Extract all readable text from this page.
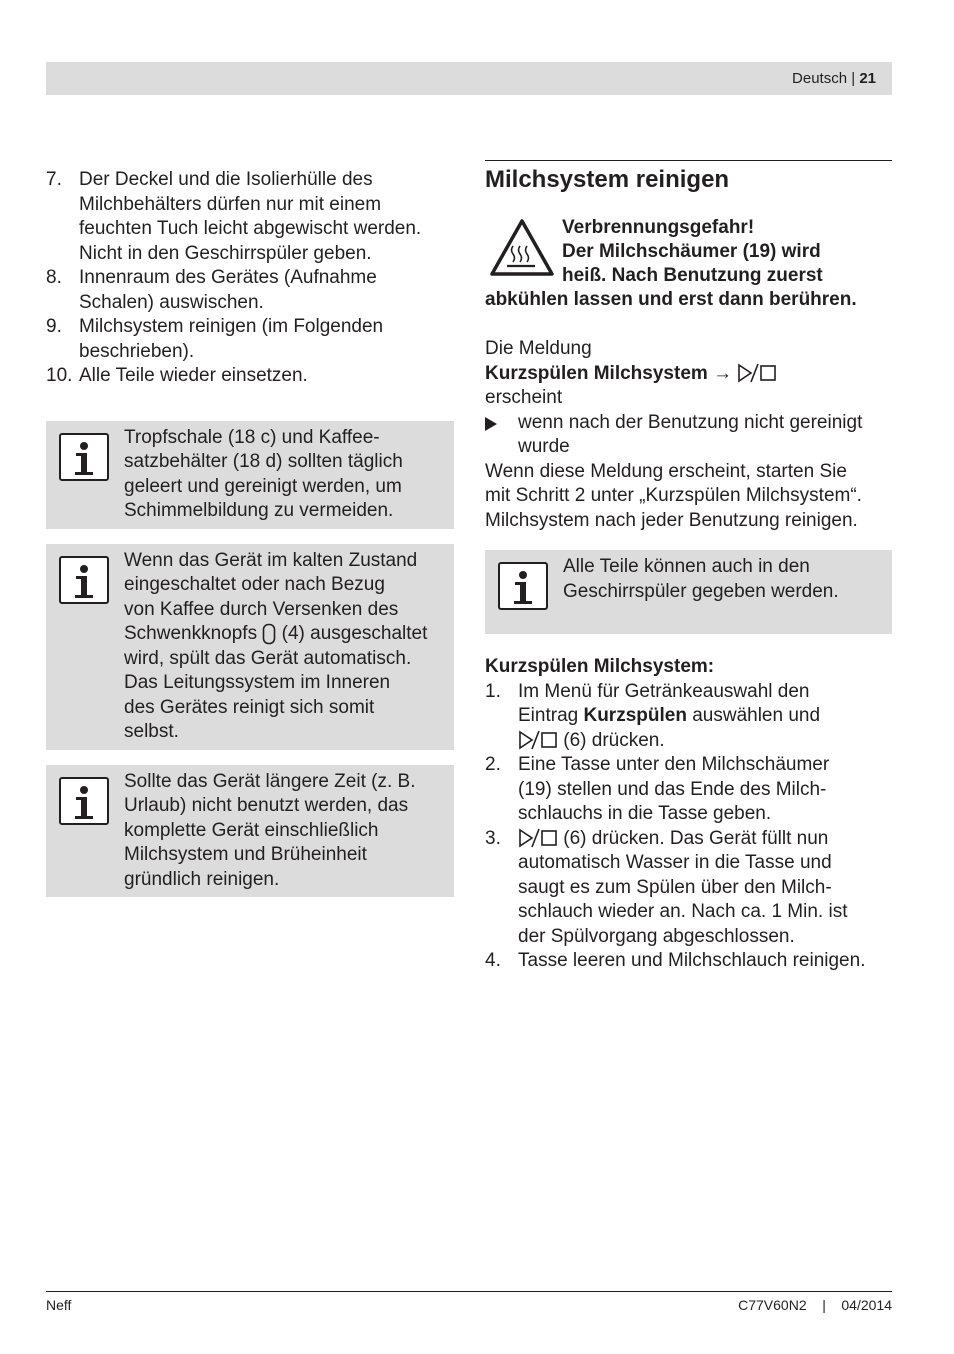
Deutsch | 21
7. Der Deckel und die Isolierhülle des
Milchbehälters dürfen nur mit einem
feuchten Tuch leicht abgewischt werden.
Nicht in den Geschirrspüler geben.
8. Innenraum des Gerätes (Aufnahme
Schalen) auswischen.
9. Milchsystem reinigen (im Folgenden
beschrieben).
10. Alle Teile wieder einsetzen.
Tropfschale (18 c) und Kaffee-
satzbehälter (18 d) sollten täglich
geleert und gereinigt werden, um
Schimmelbildung zu vermeiden.
Wenn das Gerät im kalten Zustand
eingeschaltet oder nach Bezug
von Kaffee durch Versenken des
Schwenkknopfs (4) ausgeschaltet
wird, spült das Gerät automatisch.
Das Leitungssystem im Inneren
des Gerätes reinigt sich somit
selbst.
Sollte das Gerät längere Zeit (z. B.
Urlaub) nicht benutzt werden, das
komplette Gerät einschließlich
Milchsystem und Brüheinheit
gründlich reinigen.
Milchsystem reinigen
Verbrennungsgefahr!
Der Milchschäumer (19) wird
heiß. Nach Benutzung zuerst
abkühlen lassen und erst dann berühren.
Die Meldung
Kurzspülen Milchsystem →
erscheint
wenn nach der Benutzung nicht gereinigt
wurde
Wenn diese Meldung erscheint, starten Sie
mit Schritt 2 unter „Kurzspülen Milchsystem“.
Milchsystem nach jeder Benutzung reinigen.
Alle Teile können auch in den
Geschirrspüler gegeben werden.
Kurzspülen Milchsystem:
1. Im Menü für Getränkeauswahl den
Eintrag Kurzspülen auswählen und
(6) drücken.
2. Eine Tasse unter den Milchschäumer
(19) stellen und das Ende des Milch-
schlauchs in die Tasse geben.
3.	(6) drücken. Das Gerät füllt nun
automatisch Wasser in die Tasse und
saugt es zum Spülen über den Milch-
schlauch wieder an. Nach ca. 1 Min. ist
der Spülvorgang abgeschlossen.
4. Tasse leeren und Milchschlauch reinigen.
Neff	C77V60N2 | 04/2014
